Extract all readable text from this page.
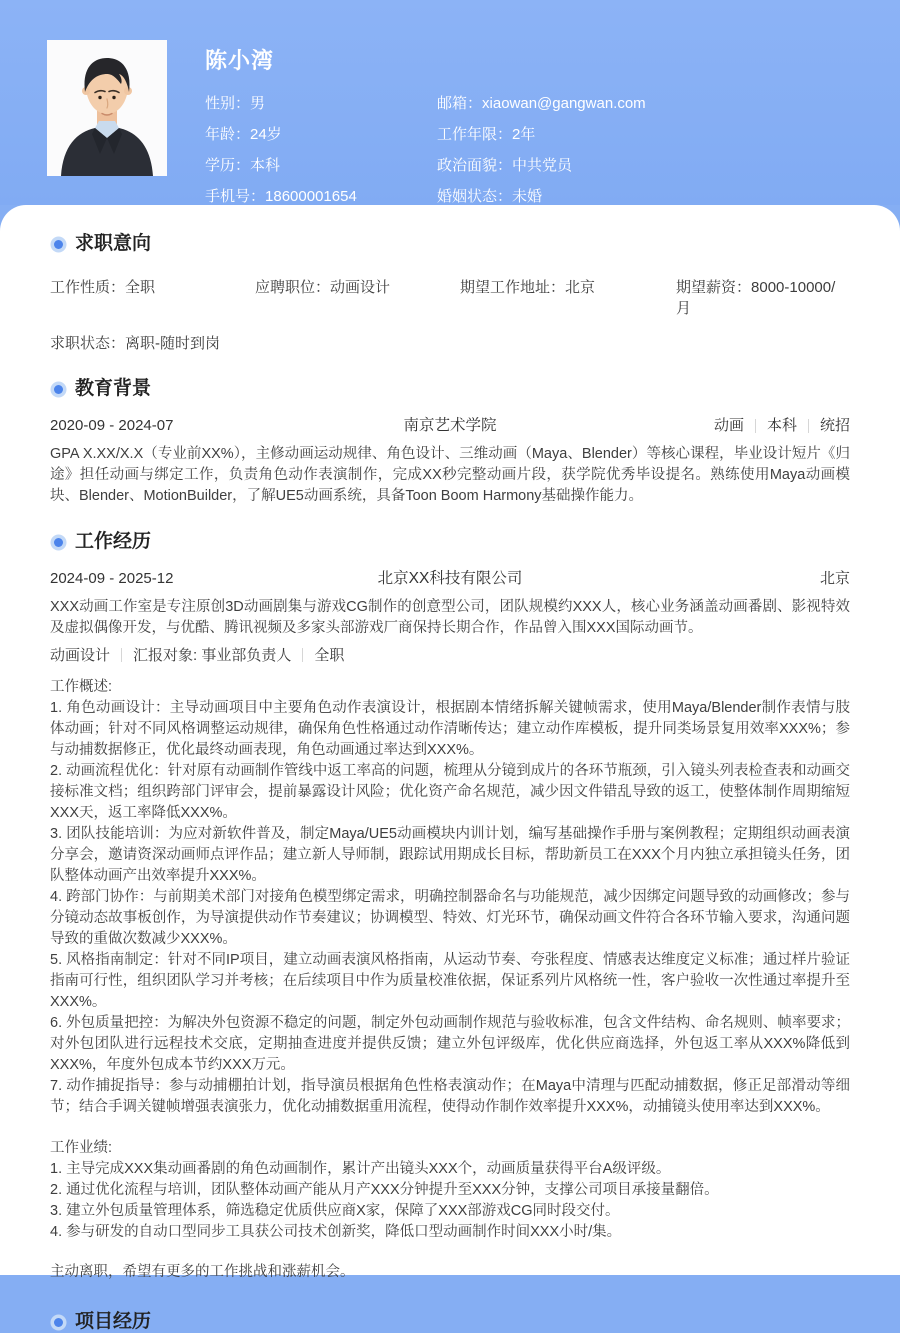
陈小湾
性别：男	邮箱：xiaowan@gangwan.com
年龄：24岁	工作年限：2年
学历：本科	政治面貌：中共党员
手机号：18600001654	婚姻状态：未婚
求职意向
工作性质：全职	应聘职位：动画设计	期望工作地址：北京	期望薪资：8000-10000/月
求职状态：离职-随时到岗
教育背景
2020-09 - 2024-07	南京艺术学院	动画 本科 统招
GPA X.XX/X.X（专业前XX%），主修动画运动规律、角色设计、三维动画（Maya、Blender）等核心课程，毕业设计短片《归途》担任动画与绑定工作，负责角色动作表演制作，完成XX秒完整动画片段，获学院优秀毕设提名。熟练使用Maya动画模块、Blender、MotionBuilder，了解UE5动画系统，具备Toon Boom Harmony基础操作能力。
工作经历
2024-09 - 2025-12	北京XX科技有限公司	北京
XXX动画工作室是专注原创3D动画剧集与游戏CG制作的创意型公司，团队规模约XXX人，核心业务涵盖动画番剧、影视特效及虚拟偶像开发，与优酷、腾讯视频及多家头部游戏厂商保持长期合作，作品曾入围XXX国际动画节。
动画设计 汇报对象: 事业部负责人 全职
工作概述:
1. 角色动画设计：主导动画项目中主要角色动作表演设计，根据剧本情绪拆解关键帧需求，使用Maya/Blender制作表情与肢体动画；针对不同风格调整运动规律，确保角色性格通过动作清晰传达；建立动作库模板，提升同类场景复用效率XXX%；参与动捕数据修正，优化最终动画表现，角色动画通过率达到XXX%。
2. 动画流程优化：针对原有动画制作管线中返工率高的问题，梳理从分镜到成片的各环节瓶颈，引入镜头列表检查表和动画交接标准文档；组织跨部门评审会，提前暴露设计风险；优化资产命名规范，减少因文件错乱导致的返工，使整体制作周期缩短XXX天，返工率降低XXX%。
3. 团队技能培训：为应对新软件普及，制定Maya/UE5动画模块内训计划，编写基础操作手册与案例教程；定期组织动画表演分享会，邀请资深动画师点评作品；建立新人导师制，跟踪试用期成长目标，帮助新员工在XXX个月内独立承担镜头任务，团队整体动画产出效率提升XXX%。
4. 跨部门协作：与前期美术部门对接角色模型绑定需求，明确控制器命名与功能规范，减少因绑定问题导致的动画修改；参与分镜动态故事板创作，为导演提供动作节奏建议；协调模型、特效、灯光环节，确保动画文件符合各环节输入要求，沟通问题导致的重做次数减少XXX%。
5. 风格指南制定：针对不同IP项目，建立动画表演风格指南，从运动节奏、夸张程度、情感表达维度定义标准；通过样片验证指南可行性，组织团队学习并考核；在后续项目中作为质量校准依据，保证系列片风格统一性，客户验收一次性通过率提升至XXX%。
6. 外包质量把控：为解决外包资源不稳定的问题，制定外包动画制作规范与验收标准，包含文件结构、命名规则、帧率要求；对外包团队进行远程技术交底，定期抽查进度并提供反馈；建立外包评级库，优化供应商选择，外包返工率从XXX%降低到XXX%，年度外包成本节约XXX万元。
7. 动作捕捉指导：参与动捕棚拍计划，指导演员根据角色性格表演动作；在Maya中清理与匹配动捕数据，修正足部滑动等细节；结合手调关键帧增强表演张力，优化动捕数据重用流程，使得动作制作效率提升XXX%，动捕镜头使用率达到XXX%。
工作业绩:
1. 主导完成XXX集动画番剧的角色动画制作，累计产出镜头XXX个，动画质量获得平台A级评级。
2. 通过优化流程与培训，团队整体动画产能从月产XXX分钟提升至XXX分钟，支撑公司项目承接量翻倍。
3. 建立外包质量管理体系，筛选稳定优质供应商X家，保障了XXX部游戏CG同时段交付。
4. 参与研发的自动口型同步工具获公司技术创新奖，降低口型动画制作时间XXX小时/集。
主动离职，希望有更多的工作挑战和涨薪机会。
项目经历
